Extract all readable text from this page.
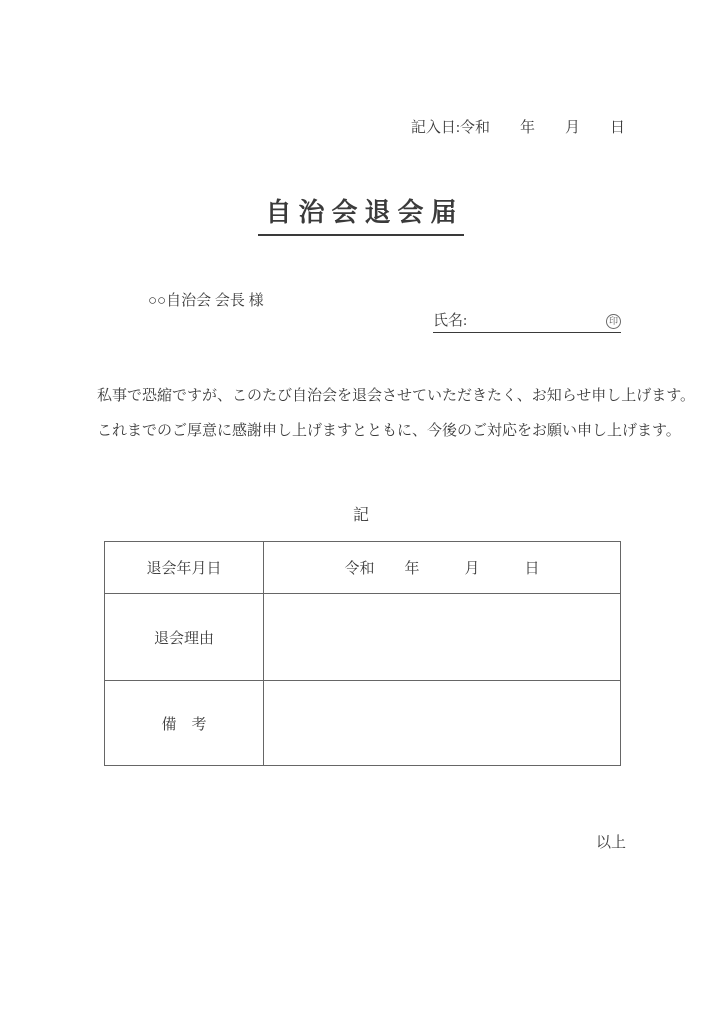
記入日:令和　　年　　月　　日
自治会退会届
○○自治会 会長 様
氏名:	印

私事で恐縮ですが、このたび自治会を退会させていただきたく、お知らせ申し上げます。

これまでのご厚意に感謝申し上げますとともに、今後のご対応をお願い申し上げます。

記
退会年月日	令和　　年　　　月　　　日
退会理由	
備　考	
以上
